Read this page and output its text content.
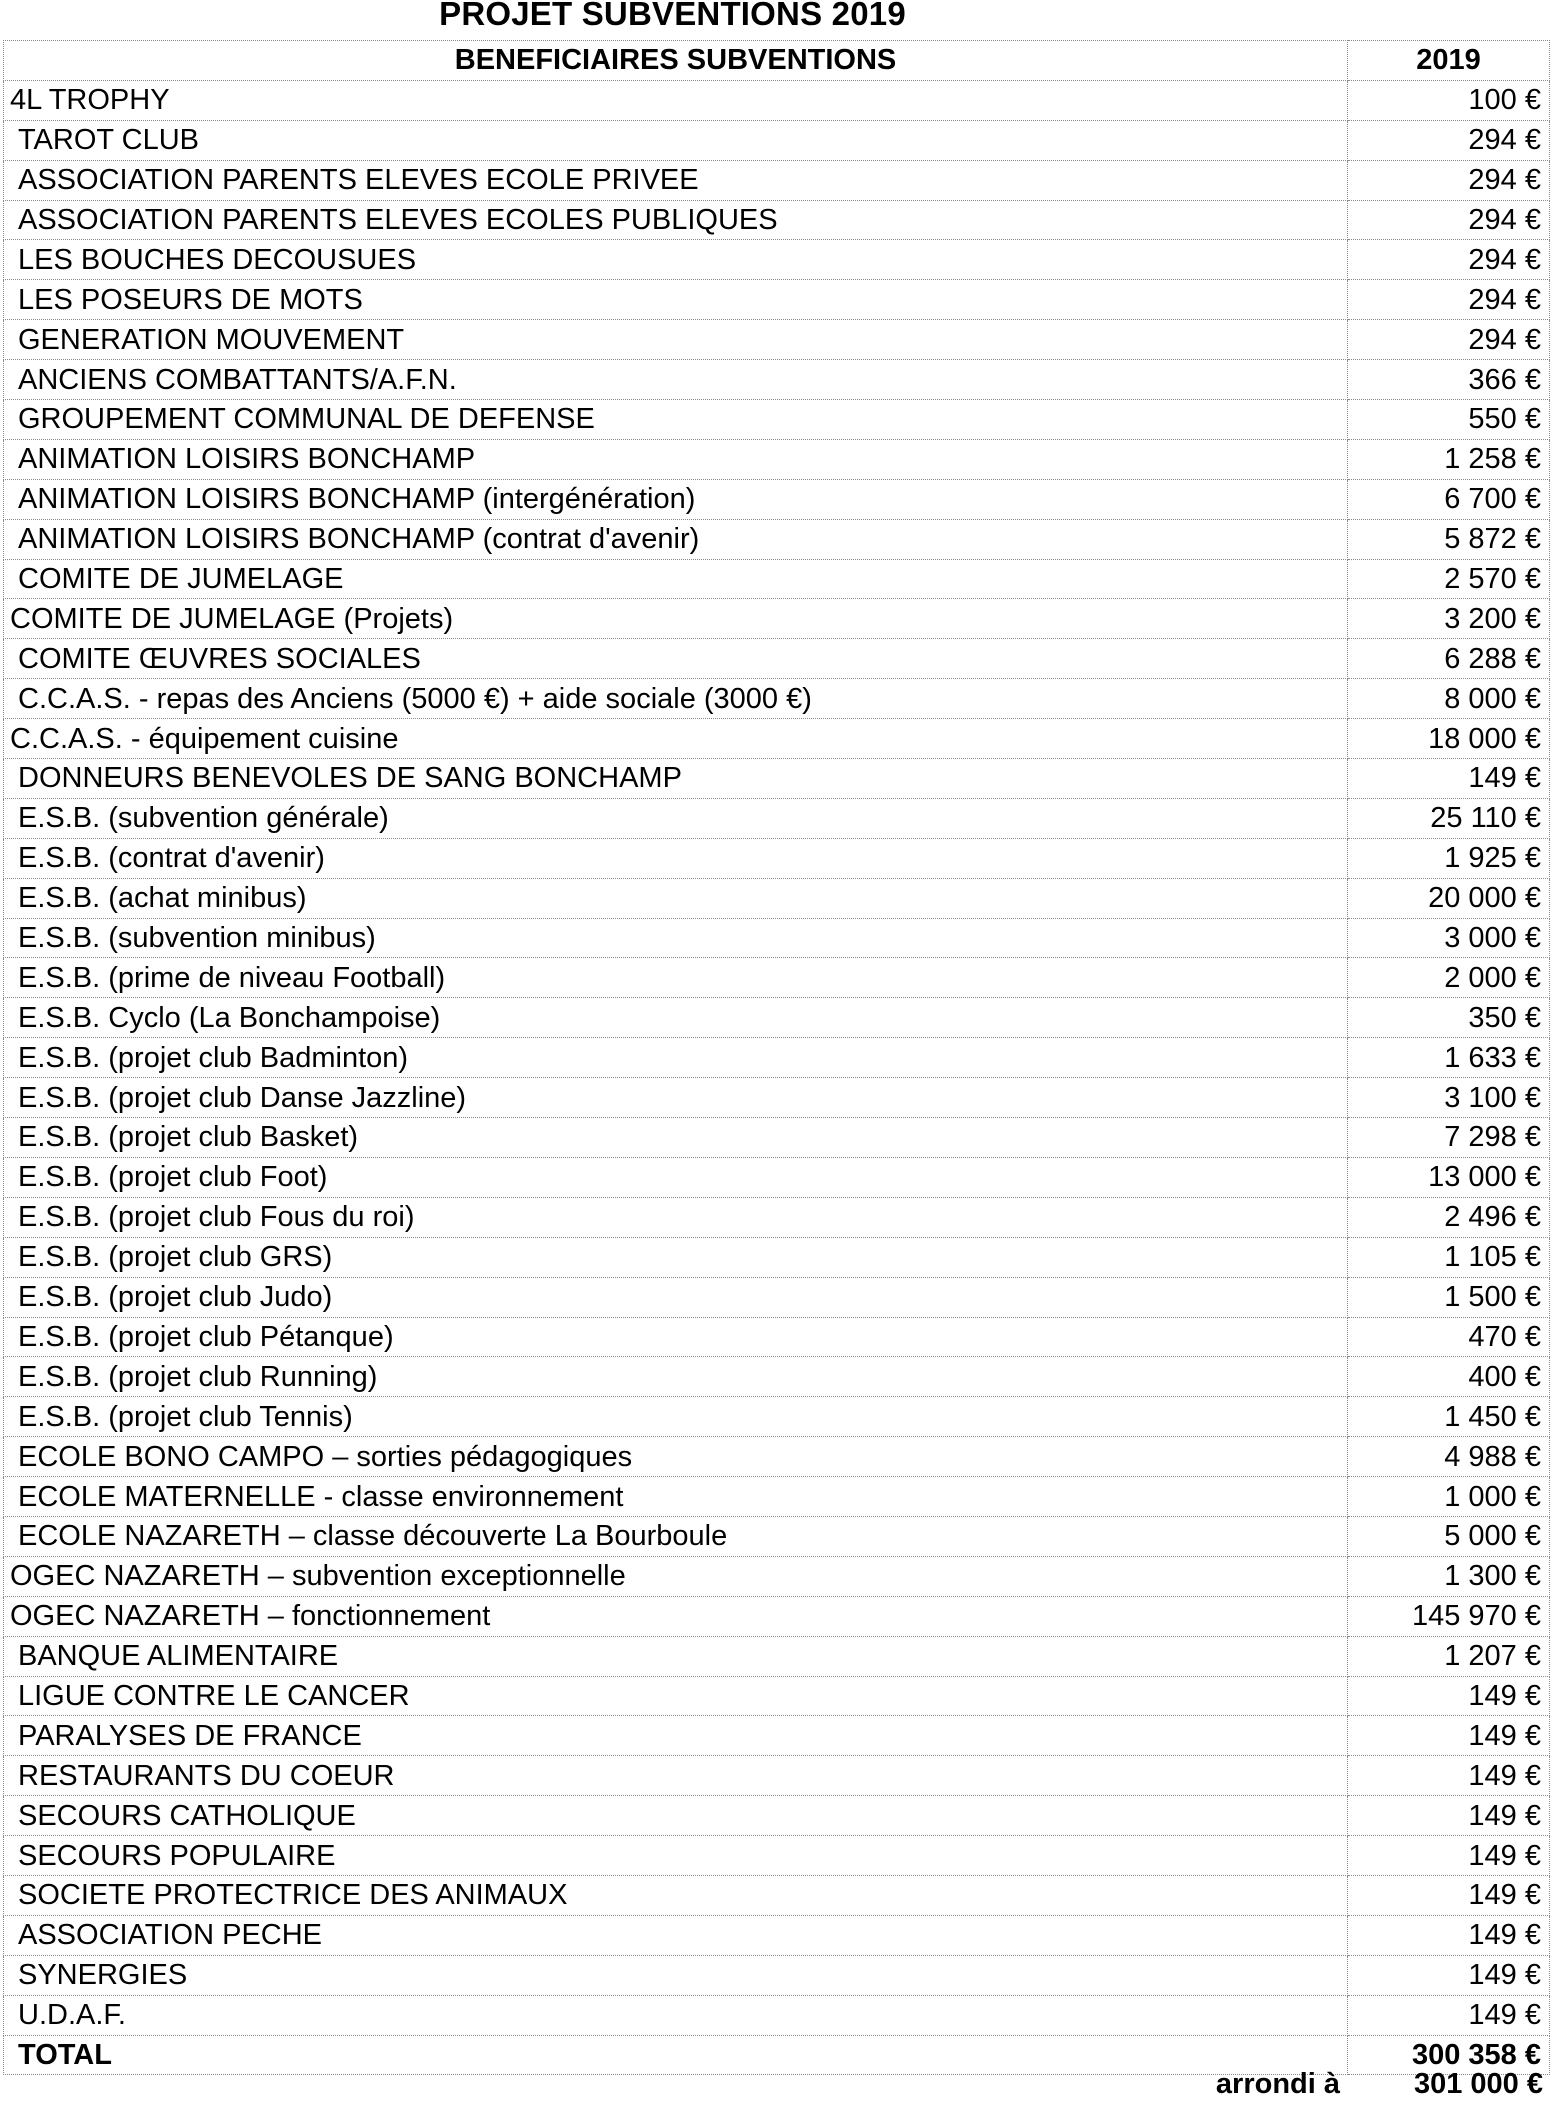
PROJET SUBVENTIONS 2019
BENEFICIAIRES SUBVENTIONS	2019
4L TROPHY	100 €
TAROT CLUB	294 €
ASSOCIATION PARENTS ELEVES ECOLE PRIVEE	294 €
ASSOCIATION PARENTS ELEVES ECOLES PUBLIQUES	294 €
LES BOUCHES DECOUSUES	294 €
LES POSEURS DE MOTS	294 €
GENERATION MOUVEMENT	294 €
ANCIENS COMBATTANTS/A.F.N.	366 €
GROUPEMENT COMMUNAL DE DEFENSE	550 €
ANIMATION LOISIRS BONCHAMP	1 258 €
ANIMATION LOISIRS BONCHAMP (intergénération)	6 700 €
ANIMATION LOISIRS BONCHAMP (contrat d'avenir)	5 872 €
COMITE DE JUMELAGE	2 570 €
COMITE DE JUMELAGE (Projets)	3 200 €
COMITE ŒUVRES SOCIALES	6 288 €
C.C.A.S. - repas des Anciens (5000 €) + aide sociale (3000 €)	8 000 €
C.C.A.S. - équipement cuisine	18 000 €
DONNEURS BENEVOLES DE SANG BONCHAMP	149 €
E.S.B. (subvention générale)	25 110 €
E.S.B. (contrat d'avenir)	1 925 €
E.S.B. (achat minibus)	20 000 €
E.S.B. (subvention minibus)	3 000 €
E.S.B. (prime de niveau Football)	2 000 €
E.S.B. Cyclo (La Bonchampoise)	350 €
E.S.B. (projet club Badminton)	1 633 €
E.S.B. (projet club Danse Jazzline)	3 100 €
E.S.B. (projet club Basket)	7 298 €
E.S.B. (projet club Foot)	13 000 €
E.S.B. (projet club Fous du roi)	2 496 €
E.S.B. (projet club GRS)	1 105 €
E.S.B. (projet club Judo)	1 500 €
E.S.B. (projet club Pétanque)	470 €
E.S.B. (projet club Running)	400 €
E.S.B. (projet club Tennis)	1 450 €
ECOLE BONO CAMPO – sorties pédagogiques	4 988 €
ECOLE MATERNELLE - classe environnement	1 000 €
ECOLE NAZARETH – classe découverte La Bourboule	5 000 €
OGEC NAZARETH – subvention exceptionnelle	1 300 €
OGEC NAZARETH – fonctionnement	145 970 €
BANQUE ALIMENTAIRE	1 207 €
LIGUE CONTRE LE CANCER	149 €
PARALYSES DE FRANCE	149 €
RESTAURANTS DU COEUR	149 €
SECOURS CATHOLIQUE	149 €
SECOURS POPULAIRE	149 €
SOCIETE PROTECTRICE DES ANIMAUX	149 €
ASSOCIATION PECHE	149 €
SYNERGIES	149 €
U.D.A.F.	149 €
TOTAL	300 358 €
arrondi à	301 000 €
